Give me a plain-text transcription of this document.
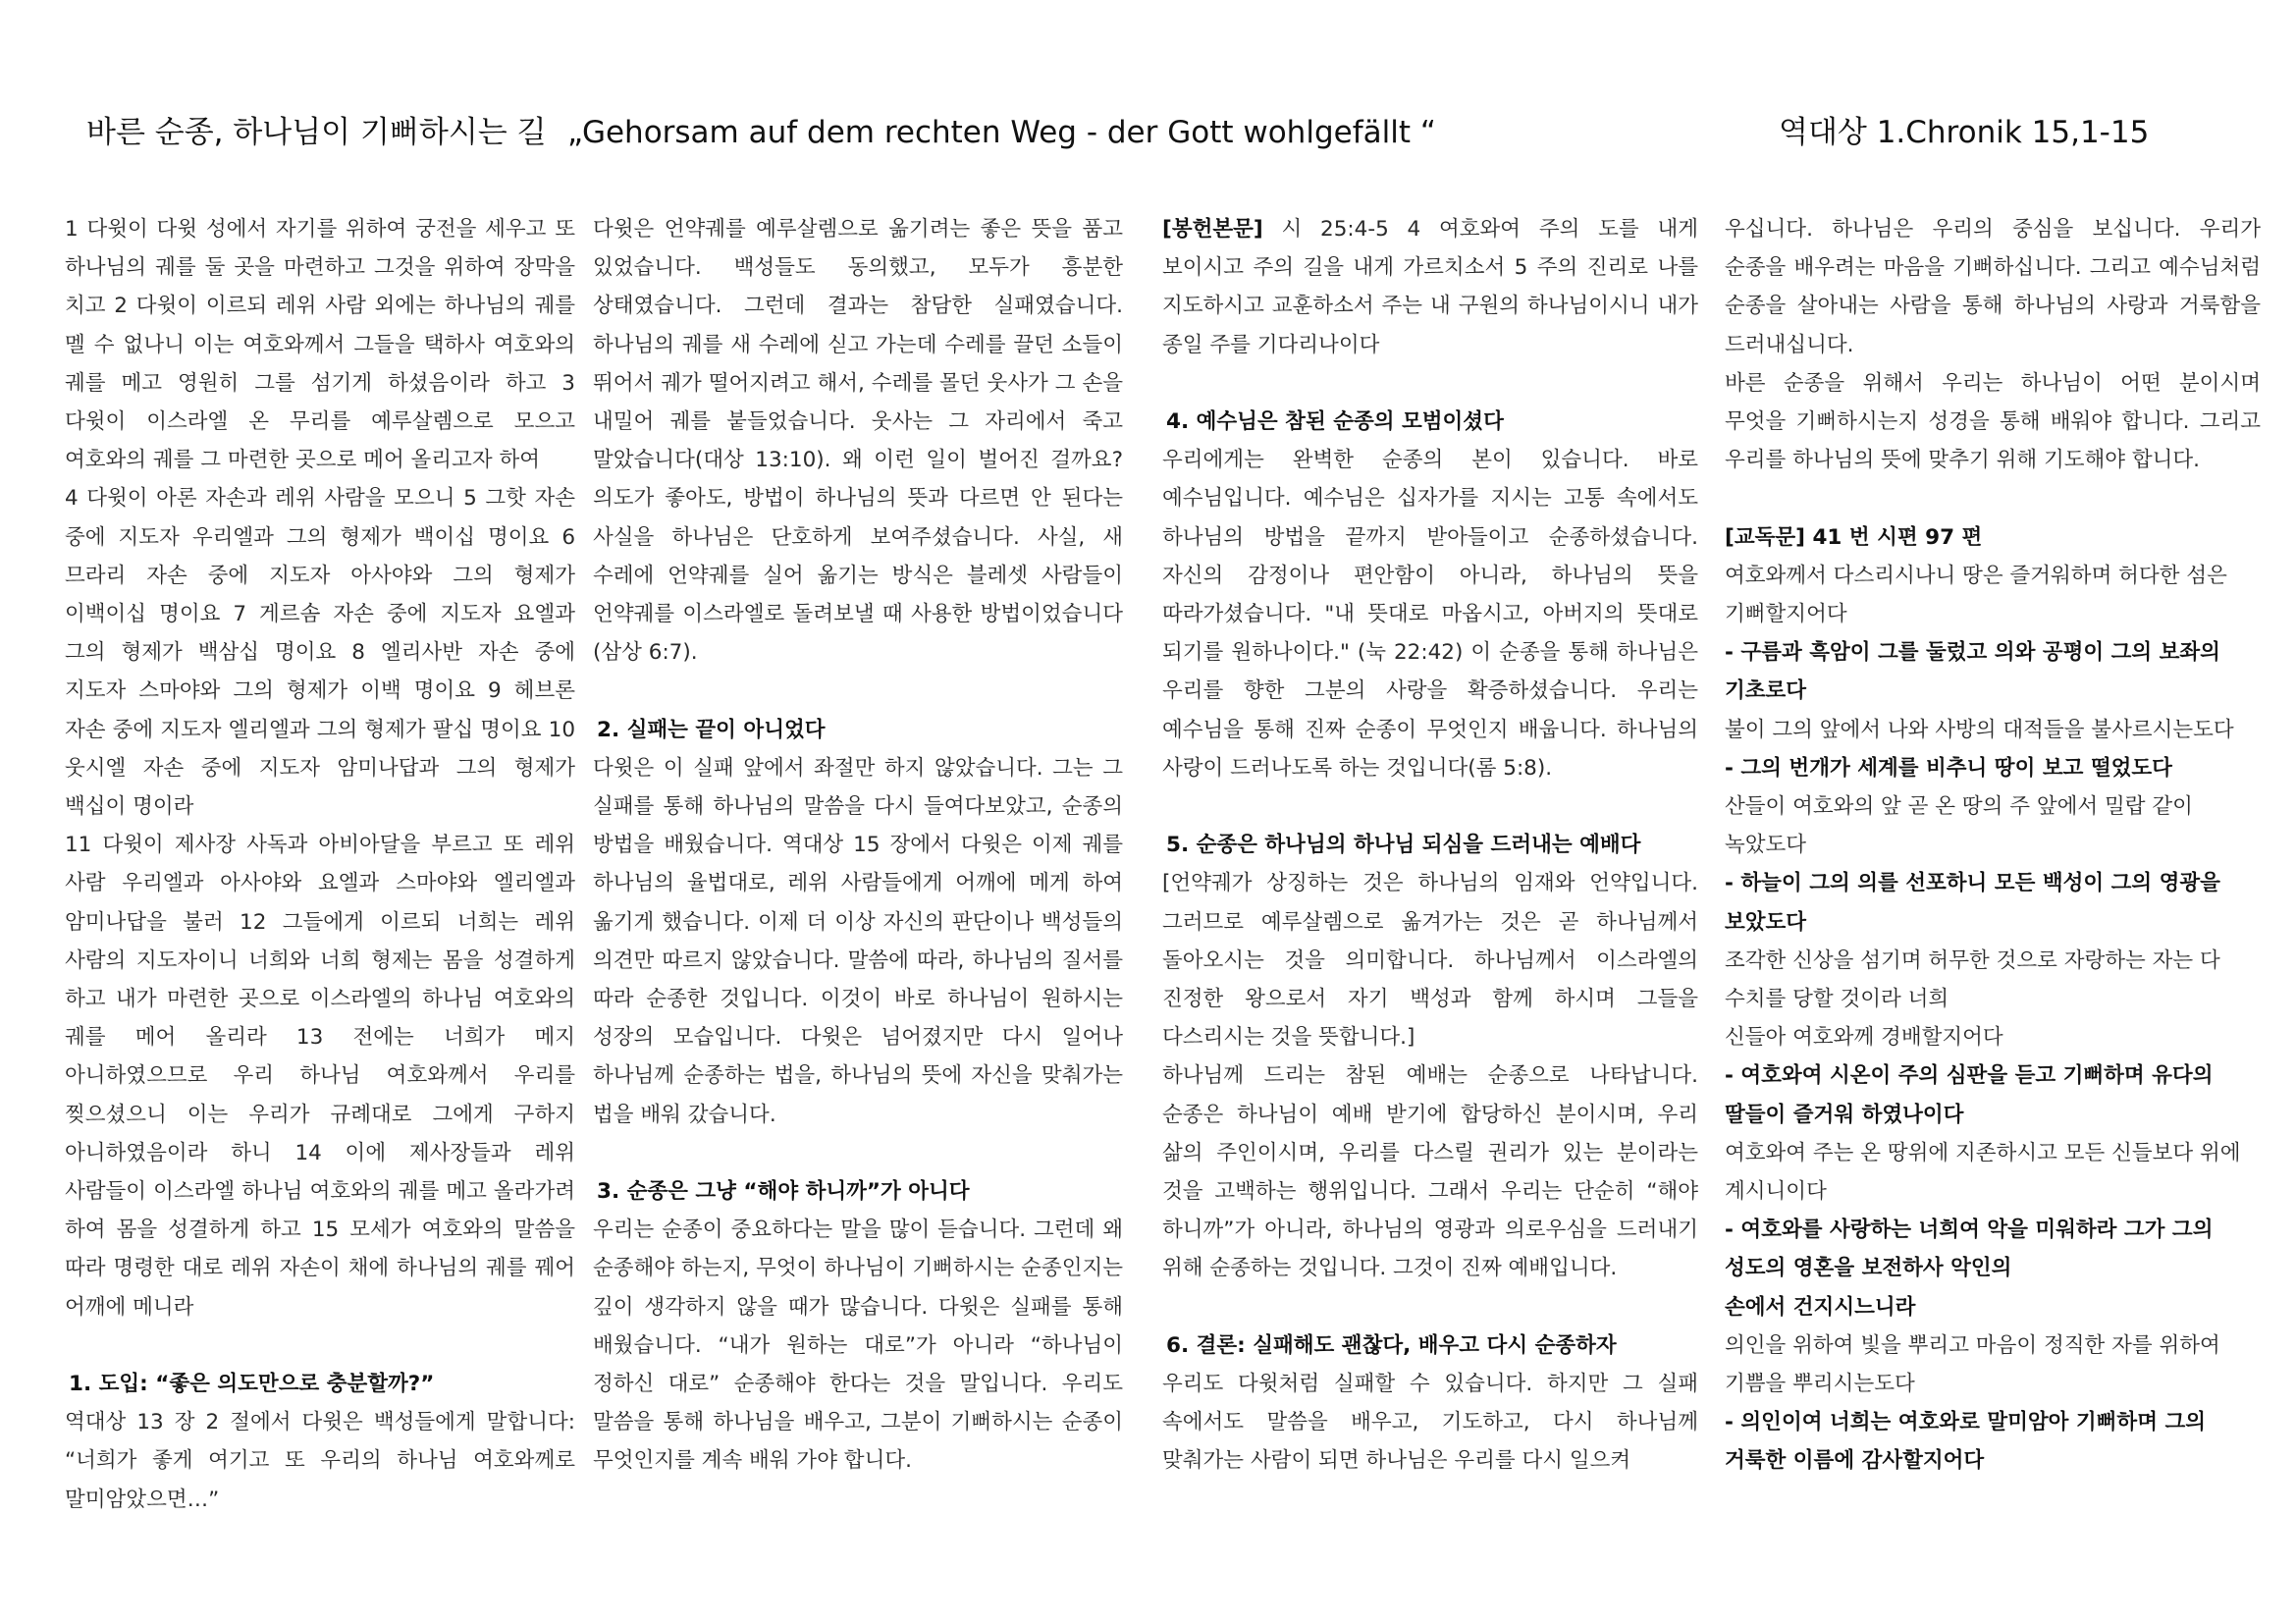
바른 순종, 하나님이 기뻐하시는 길 „Gehorsam auf dem rechten Weg - der Gott wohlgefällt “	역대상 1.Chronik 15,1-15

1 다윗이 다윗 성에서 자기를 위하여 궁전을 세우고 또 하나님의 궤를 둘 곳을 마련하고 그것을 위하여 장막을 치고 2 다윗이 이르되 레위 사람 외에는 하나님의 궤를 멜 수 없나니 이는 여호와께서 그들을 택하사 여호와의 궤를 메고 영원히 그를 섬기게 하셨음이라 하고 3 다윗이 이스라엘 온 무리를 예루살렘으로 모으고 여호와의 궤를 그 마련한 곳으로 메어 올리고자 하여

4 다윗이 아론 자손과 레위 사람을 모으니 5 그핫 자손 중에 지도자 우리엘과 그의 형제가 백이십 명이요 6 므라리 자손 중에 지도자 아사야와 그의 형제가 이백이십 명이요 7 게르솜 자손 중에 지도자 요엘과 그의 형제가 백삼십 명이요 8 엘리사반 자손 중에 지도자 스마야와 그의 형제가 이백 명이요 9 헤브론 자손 중에 지도자 엘리엘과 그의 형제가 팔십 명이요 10 웃시엘 자손 중에 지도자 암미나답과 그의 형제가 백십이 명이라

11 다윗이 제사장 사독과 아비아달을 부르고 또 레위 사람 우리엘과 아사야와 요엘과 스마야와 엘리엘과 암미나답을 불러 12 그들에게 이르되 너희는 레위 사람의 지도자이니 너희와 너희 형제는 몸을 성결하게 하고 내가 마련한 곳으로 이스라엘의 하나님 여호와의 궤를 메어 올리라 13 전에는 너희가 메지 아니하였으므로 우리 하나님 여호와께서 우리를 찢으셨으니 이는 우리가 규례대로 그에게 구하지 아니하였음이라 하니 14 이에 제사장들과 레위 사람들이 이스라엘 하나님 여호와의 궤를 메고 올라가려 하여 몸을 성결하게 하고 15 모세가 여호와의 말씀을 따라 명령한 대로 레위 자손이 채에 하나님의 궤를 꿰어 어깨에 메니라

1. 도입: “좋은 의도만으로 충분할까?”

역대상 13 장 2 절에서 다윗은 백성들에게 말합니다: “너희가 좋게 여기고 또 우리의 하나님 여호와께로 말미암았으면…”

다윗은 언약궤를 예루살렘으로 옮기려는 좋은 뜻을 품고 있었습니다. 백성들도 동의했고, 모두가 흥분한 상태였습니다. 그런데 결과는 참담한 실패였습니다. 하나님의 궤를 새 수레에 싣고 가는데 수레를 끌던 소들이 뛰어서 궤가 떨어지려고 해서, 수레를 몰던 웃사가 그 손을 내밀어 궤를 붙들었습니다. 웃사는 그 자리에서 죽고 말았습니다(대상 13:10). 왜 이런 일이 벌어진 걸까요? 의도가 좋아도, 방법이 하나님의 뜻과 다르면 안 된다는 사실을 하나님은 단호하게 보여주셨습니다. 사실, 새 수레에 언약궤를 실어 옮기는 방식은 블레셋 사람들이 언약궤를 이스라엘로 돌려보낼 때 사용한 방법이었습니다(삼상 6:7).

2. 실패는 끝이 아니었다

다윗은 이 실패 앞에서 좌절만 하지 않았습니다. 그는 그 실패를 통해 하나님의 말씀을 다시 들여다보았고, 순종의 방법을 배웠습니다. 역대상 15 장에서 다윗은 이제 궤를 하나님의 율법대로, 레위 사람들에게 어깨에 메게 하여 옮기게 했습니다. 이제 더 이상 자신의 판단이나 백성들의 의견만 따르지 않았습니다. 말씀에 따라, 하나님의 질서를 따라 순종한 것입니다. 이것이 바로 하나님이 원하시는 성장의 모습입니다. 다윗은 넘어졌지만 다시 일어나 하나님께 순종하는 법을, 하나님의 뜻에 자신을 맞춰가는 법을 배워 갔습니다.

3. 순종은 그냥 “해야 하니까”가 아니다

우리는 순종이 중요하다는 말을 많이 듣습니다. 그런데 왜 순종해야 하는지, 무엇이 하나님이 기뻐하시는 순종인지는 깊이 생각하지 않을 때가 많습니다. 다윗은 실패를 통해 배웠습니다. “내가 원하는 대로”가 아니라 “하나님이 정하신 대로” 순종해야 한다는 것을 말입니다. 우리도 말씀을 통해 하나님을 배우고, 그분이 기뻐하시는 순종이 무엇인지를 계속 배워 가야 합니다.

[봉헌본문] 시 25:4-5 4 여호와여 주의 도를 내게 보이시고 주의 길을 내게 가르치소서 5 주의 진리로 나를 지도하시고 교훈하소서 주는 내 구원의 하나님이시니 내가 종일 주를 기다리나이다

4. 예수님은 참된 순종의 모범이셨다

우리에게는 완벽한 순종의 본이 있습니다. 바로 예수님입니다. 예수님은 십자가를 지시는 고통 속에서도 하나님의 방법을 끝까지 받아들이고 순종하셨습니다. 자신의 감정이나 편안함이 아니라, 하나님의 뜻을 따라가셨습니다. "내 뜻대로 마옵시고, 아버지의 뜻대로 되기를 원하나이다." (눅 22:42) 이 순종을 통해 하나님은 우리를 향한 그분의 사랑을 확증하셨습니다. 우리는 예수님을 통해 진짜 순종이 무엇인지 배웁니다. 하나님의 사랑이 드러나도록 하는 것입니다(롬 5:8).

5. 순종은 하나님의 하나님 되심을 드러내는 예배다

[언약궤가 상징하는 것은 하나님의 임재와 언약입니다. 그러므로 예루살렘으로 옮겨가는 것은 곧 하나님께서 돌아오시는 것을 의미합니다. 하나님께서 이스라엘의 진정한 왕으로서 자기 백성과 함께 하시며 그들을 다스리시는 것을 뜻합니다.]

하나님께 드리는 참된 예배는 순종으로 나타납니다. 순종은 하나님이 예배 받기에 합당하신 분이시며, 우리 삶의 주인이시며, 우리를 다스릴 권리가 있는 분이라는 것을 고백하는 행위입니다. 그래서 우리는 단순히 “해야 하니까”가 아니라, 하나님의 영광과 의로우심을 드러내기 위해 순종하는 것입니다. 그것이 진짜 예배입니다.

6. 결론: 실패해도 괜찮다, 배우고 다시 순종하자

우리도 다윗처럼 실패할 수 있습니다. 하지만 그 실패 속에서도 말씀을 배우고, 기도하고, 다시 하나님께 맞춰가는 사람이 되면 하나님은 우리를 다시 일으켜

우십니다. 하나님은 우리의 중심을 보십니다. 우리가 순종을 배우려는 마음을 기뻐하십니다. 그리고 예수님처럼 순종을 살아내는 사람을 통해 하나님의 사랑과 거룩함을 드러내십니다.

바른 순종을 위해서 우리는 하나님이 어떤 분이시며 무엇을 기뻐하시는지 성경을 통해 배워야 합니다. 그리고 우리를 하나님의 뜻에 맞추기 위해 기도해야 합니다.

[교독문] 41 번 시편 97 편

여호와께서 다스리시나니 땅은 즐거워하며 허다한 섬은 기뻐할지어다

- 구름과 흑암이 그를 둘렀고 의와 공평이 그의 보좌의 기초로다

불이 그의 앞에서 나와 사방의 대적들을 불사르시는도다

- 그의 번개가 세계를 비추니 땅이 보고 떨었도다

산들이 여호와의 앞 곧 온 땅의 주 앞에서 밀랍 같이 녹았도다

- 하늘이 그의 의를 선포하니 모든 백성이 그의 영광을 보았도다

조각한 신상을 섬기며 허무한 것으로 자랑하는 자는 다 수치를 당할 것이라 너희

신들아 여호와께 경배할지어다

- 여호와여 시온이 주의 심판을 듣고 기뻐하며 유다의 딸들이 즐거워 하였나이다

여호와여 주는 온 땅위에 지존하시고 모든 신들보다 위에 계시니이다

- 여호와를 사랑하는 너희여 악을 미워하라 그가 그의 성도의 영혼을 보전하사 악인의

손에서 건지시느니라

의인을 위하여 빛을 뿌리고 마음이 정직한 자를 위하여 기쁨을 뿌리시는도다

- 의인이여 너희는 여호와로 말미암아 기뻐하며 그의 거룩한 이름에 감사할지어다
